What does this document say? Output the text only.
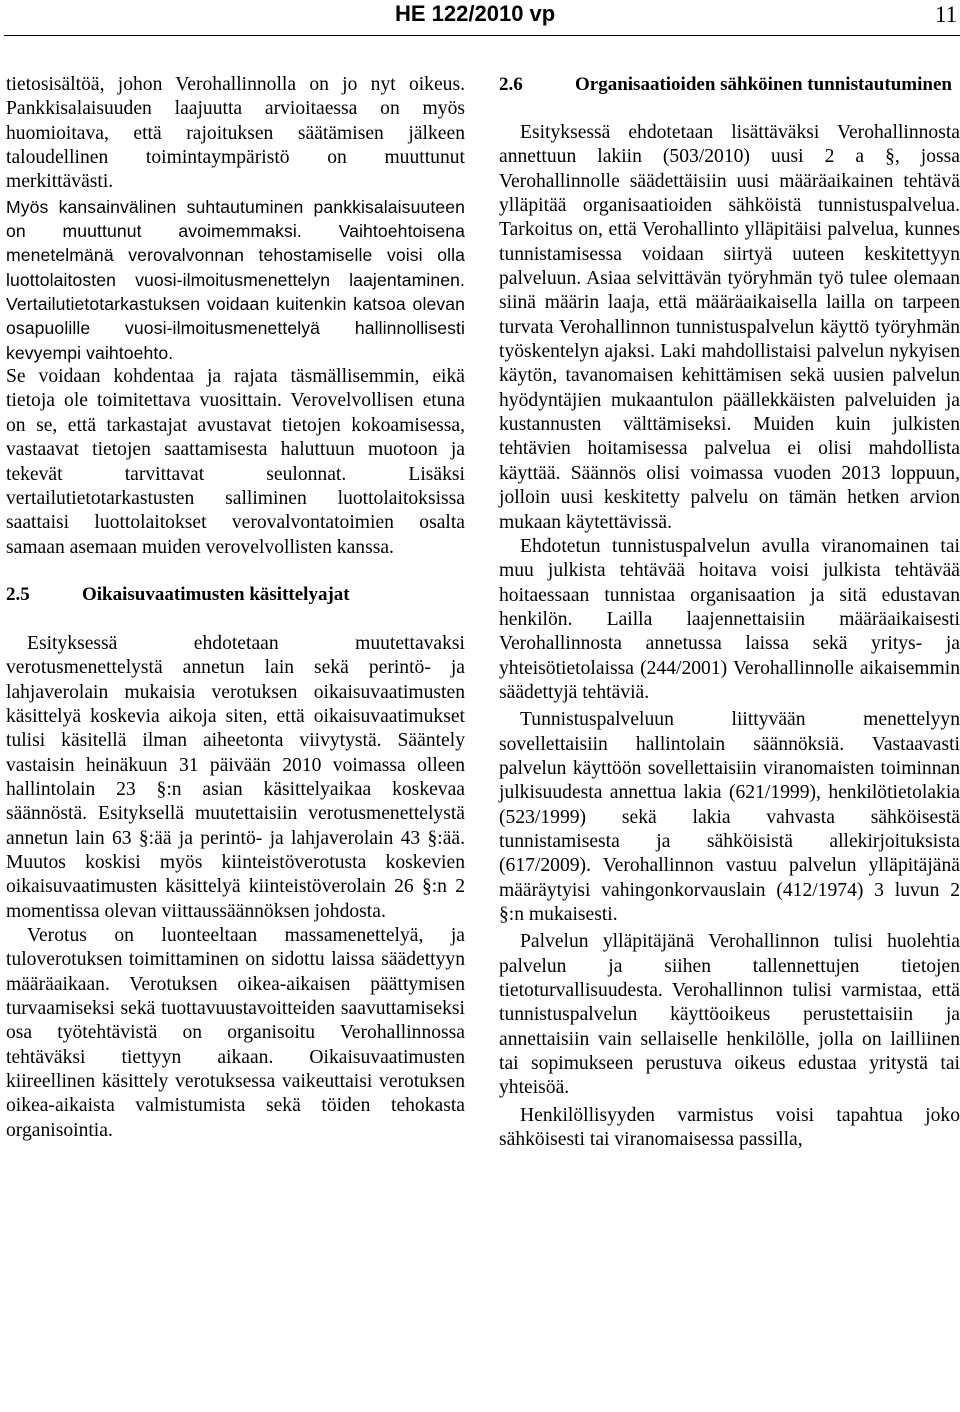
HE 122/2010 vp	11

tietosisältöä, johon Verohallinnolla on jo nyt oikeus. Pankkisalaisuuden laajuutta arvioitaessa on myös huomioitava, että rajoituksen säätämisen jälkeen taloudellinen toimintaympäristö on muuttunut merkittävästi.

Myös kansainvälinen suhtautuminen pankkisalaisuuteen on muuttunut avoimemmaksi. Vaihtoehtoisena menetelmänä verovalvonnan tehostamiselle voisi olla luottolaitosten vuosi-ilmoitusmenettelyn laajentaminen. Vertailutietotarkastuksen voidaan kuitenkin katsoa olevan osapuolille vuosi-ilmoitusmenettelyä hallinnollisesti kevyempi vaihtoehto.

Se voidaan kohdentaa ja rajata täsmällisemmin, eikä tietoja ole toimitettava vuosittain. Verovelvollisen etuna on se, että tarkastajat avustavat tietojen kokoamisessa, vastaavat tietojen saattamisesta haluttuun muotoon ja tekevät tarvittavat seulonnat. Lisäksi vertailutietotarkastusten salliminen luottolaitoksissa saattaisi luottolaitokset verovalvontatoimien osalta samaan asemaan muiden verovelvollisten kanssa.

2.5	Oikaisuvaatimusten käsittelyajat

Esityksessä ehdotetaan muutettavaksi verotusmenettelystä annetun lain sekä perintö- ja lahjaverolain mukaisia verotuksen oikaisuvaatimusten käsittelyä koskevia aikoja siten, että oikaisuvaatimukset tulisi käsitellä ilman aiheetonta viivytystä. Sääntely vastaisin heinäkuun 31 päivään 2010 voimassa olleen hallintolain 23 §:n asian käsittelyaikaa koskevaa säännöstä. Esityksellä muutettaisiin verotusmenettelystä annetun lain 63 §:ää ja perintö- ja lahjaverolain 43 §:ää. Muutos koskisi myös kiinteistöverotusta koskevien oikaisuvaatimusten käsittelyä kiinteistöverolain 26 §:n 2 momentissa olevan viittaussäännöksen johdosta.

Verotus on luonteeltaan massamenettelyä, ja tuloverotuksen toimittaminen on sidottu laissa säädettyyn määräaikaan. Verotuksen oikea-aikaisen päättymisen turvaamiseksi sekä tuottavuustavoitteiden saavuttamiseksi osa työtehtävistä on organisoitu Verohallinnossa tehtäväksi tiettyyn aikaan. Oikaisuvaatimusten kiireellinen käsittely verotuksessa vaikeuttaisi verotuksen oikea-aikaista valmistumista sekä töiden tehokasta organisointia.

2.6	Organisaatioiden sähköinen tunnistautuminen

Esityksessä ehdotetaan lisättäväksi Verohallinnosta annettuun lakiin (503/2010) uusi 2 a §, jossa Verohallinnolle säädettäisiin uusi määräaikainen tehtävä ylläpitää organisaatioiden sähköistä tunnistuspalvelua. Tarkoitus on, että Verohallinto ylläpitäisi palvelua, kunnes tunnistamisessa voidaan siirtyä uuteen keskitettyyn palveluun. Asiaa selvittävän työryhmän työ tulee olemaan siinä määrin laaja, että määräaikaisella lailla on tarpeen turvata Verohallinnon tunnistuspalvelun käyttö työryhmän työskentelyn ajaksi. Laki mahdollistaisi palvelun nykyisen käytön, tavanomaisen kehittämisen sekä uusien palvelun hyödyntäjien mukaantulon päällekkäisten palveluiden ja kustannusten välttämiseksi. Muiden kuin julkisten tehtävien hoitamisessa palvelua ei olisi mahdollista käyttää. Säännös olisi voimassa vuoden 2013 loppuun, jolloin uusi keskitetty palvelu on tämän hetken arvion mukaan käytettävissä.

Ehdotetun tunnistuspalvelun avulla viranomainen tai muu julkista tehtävää hoitava voisi julkista tehtävää hoitaessaan tunnistaa organisaation ja sitä edustavan henkilön. Lailla laajennettaisiin määräaikaisesti Verohallinnosta annetussa laissa sekä yritys- ja yhteisötietolaissa (244/2001) Verohallinnolle aikaisemmin säädettyjä tehtäviä.

Tunnistuspalveluun liittyvään menettelyyn sovellettaisiin hallintolain säännöksiä. Vastaavasti palvelun käyttöön sovellettaisiin viranomaisten toiminnan julkisuudesta annettua lakia (621/1999), henkilötietolakia (523/1999) sekä lakia vahvasta sähköisestä tunnistamisesta ja sähköisistä allekirjoituksista (617/2009). Verohallinnon vastuu palvelun ylläpitäjänä määräytyisi vahingonkorvauslain (412/1974) 3 luvun 2 §:n mukaisesti.

Palvelun ylläpitäjänä Verohallinnon tulisi huolehtia palvelun ja siihen tallennettujen tietojen tietoturvallisuudesta. Verohallinnon tulisi varmistaa, että tunnistuspalvelun käyttöoikeus perustettaisiin ja annettaisiin vain sellaiselle henkilölle, jolla on lailliinen tai sopimukseen perustuva oikeus edustaa yritystä tai yhteisöä.

Henkilöllisyyden varmistus voisi tapahtua joko sähköisesti tai viranomaisessa passilla,
